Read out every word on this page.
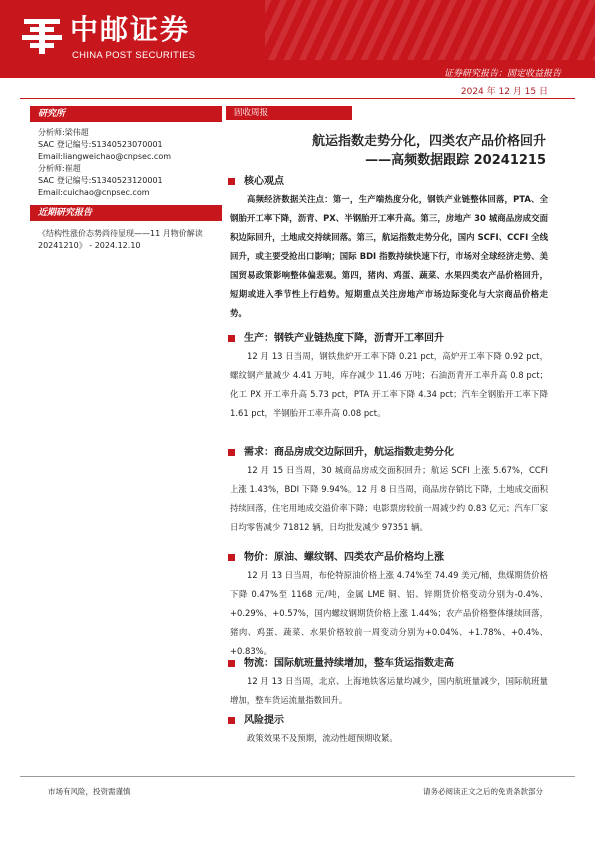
中邮证券
CHINA POST SECURITIES
证券研究报告：固定收益报告
2024 年 12 月 15 日
研究所
分析师:梁伟超
SAC 登记编号:S1340523070001
Email:liangweichao@cnpsec.com
分析师:崔超
SAC 登记编号:S1340523120001
Email:cuichao@cnpsec.com
近期研究报告
《结构性涨价态势尚待显现——11 月物价解读 20241210》 - 2024.12.10
固收周报
航运指数走势分化，四类农产品价格回升
——高频数据跟踪 20241215
核心观点
高频经济数据关注点：第一，生产端热度分化，钢铁产业链整体回落，PTA、全钢胎开工率下降，沥青、PX、半钢胎开工率升高。第三，房地产 30 城商品房成交面积边际回升，土地成交持续回落。第三，航运指数走势分化，国内 SCFI、CCFI 全线回升，或主要受抢出口影响；国际 BDI 指数持续快速下行，市场对全球经济走势、美国贸易政策影响整体偏悲观。第四，猪肉、鸡蛋、蔬菜、水果四类农产品价格回升，短期或进入季节性上行趋势。短期重点关注房地产市场边际变化与大宗商品价格走势。
生产：钢铁产业链热度下降，沥青开工率回升
12 月 13 日当周，钢铁焦炉开工率下降 0.21 pct，高炉开工率下降 0.92 pct，螺纹钢产量减少 4.41 万吨，库存减少 11.46 万吨；石油沥青开工率升高 0.8 pct；化工 PX 开工率升高 5.73 pct，PTA 开工率下降 4.34 pct；汽车全钢胎开工率下降 1.61 pct，半钢胎开工率升高 0.08 pct。
需求：商品房成交边际回升，航运指数走势分化
12 月 15 日当周，30 城商品房成交面积回升；航运 SCFI 上涨 5.67%，CCFI 上涨 1.43%，BDI 下降 9.94%。12 月 8 日当周，商品房存销比下降，土地成交面积持续回落，住宅用地成交溢价率下降；电影票房较前一周减少约 0.83 亿元；汽车厂家日均零售减少 71812 辆，日均批发减少 97351 辆。
物价：原油、螺纹钢、四类农产品价格均上涨
12 月 13 日当周，布伦特原油价格上涨 4.74%至 74.49 美元/桶，焦煤期货价格下降 0.47%至 1168 元/吨，金属 LME 铜、铝、锌期货价格变动分别为-0.4%、+0.29%、+0.57%，国内螺纹钢期货价格上涨 1.44%；农产品价格整体继续回落，猪肉、鸡蛋、蔬菜、水果价格较前一周变动分别为+0.04%、+1.78%、+0.4%、+0.83%。
物流：国际航班量持续增加，整车货运指数走高
12 月 13 日当周，北京、上海地铁客运量均减少，国内航班量减少，国际航班量增加，整车货运流量指数回升。
风险提示
政策效果不及预期，流动性超预期收紧。
市场有风险，投资需谨慎	请务必阅读正文之后的免责条款部分
